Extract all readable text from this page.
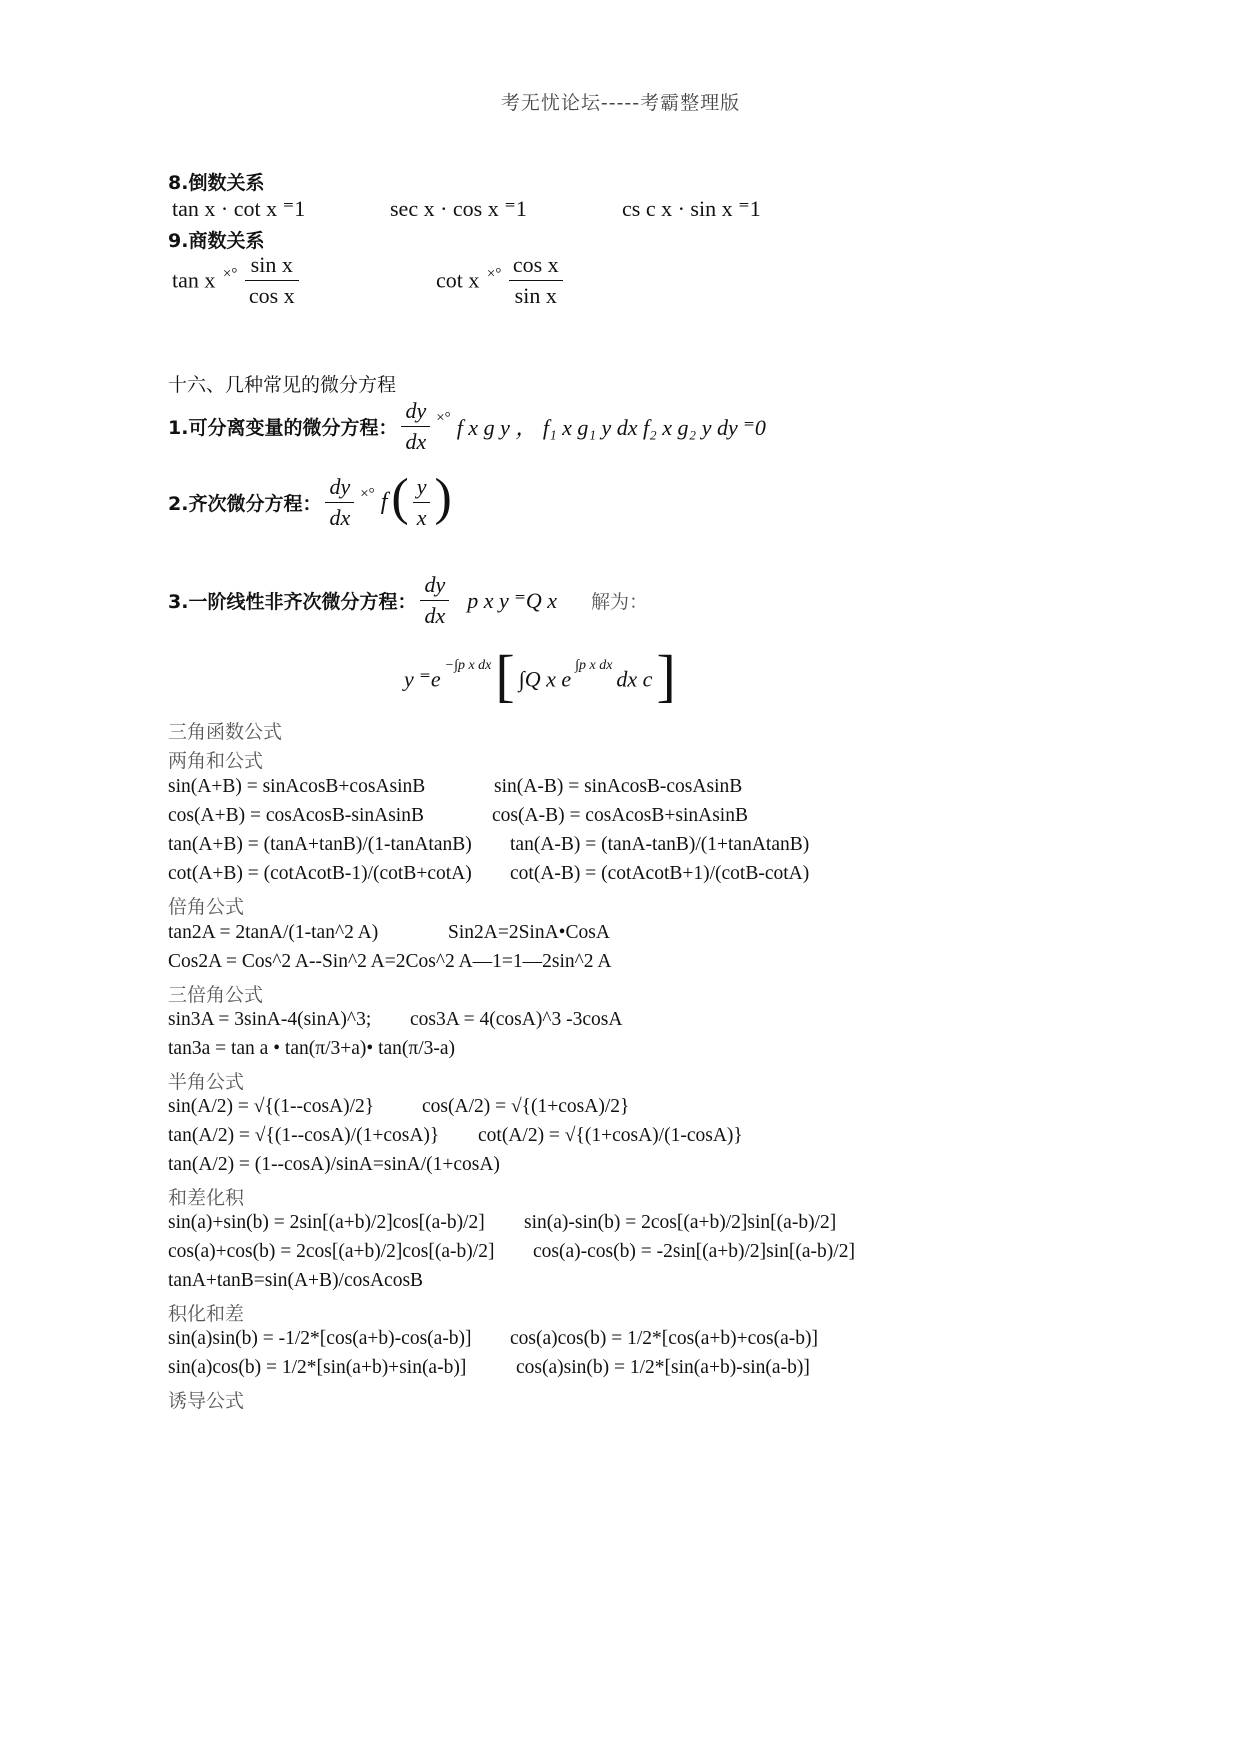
考无忧论坛-----考霸整理版
8.倒数关系
tan x · cot x ⁼1	sec x · cos x ⁼1	cs c x · sin x ⁼1
9.商数关系
tan x $^{\times^\circ} \frac{\text{sin x}}{\text{cos x}}$	cot x $^{\times^\circ} \frac{\text{cos x}}{\text{sin x}}$
十六、几种常见的微分方程
1.可分离变量的微分方程： $\frac{dy}{dx}$ ×° f x g y ， f₁ x g₁ y dx f₂ x g₂ y dy ⁼0
2.齐次微分方程： $\frac{dy}{dx}$ ×° f ( $\frac{y}{x}$ )
3.一阶线性非齐次微分方程： $\frac{dy}{dx}$ p x y ⁼Q x 解为：
y ⁼e −∫p x dx [ ∫Q x e ∫p x dx dx c ]
三角函数公式
两角和公式
sin(A+B) = sinAcosB+cosAsinB	sin(A-B) = sinAcosB-cosAsinB
cos(A+B) = cosAcosB-sinAsinB	cos(A-B) = cosAcosB+sinAsinB
tan(A+B) = (tanA+tanB)/(1-tanAtanB) tan(A-B) = (tanA-tanB)/(1+tanAtanB)
cot(A+B) = (cotAcotB-1)/(cotB+cotA) cot(A-B) = (cotAcotB+1)/(cotB-cotA)
倍角公式
tan2A = 2tanA/(1-tan^2 A)	Sin2A=2SinA•CosA
Cos2A = Cos^2 A--Sin^2 A=2Cos^2 A—1=1—2sin^2 A
三倍角公式
sin3A = 3sinA-4(sinA)^3; cos3A = 4(cosA)^3 -3cosA
tan3a = tan a • tan(π/3+a)• tan(π/3-a)
半角公式
sin(A/2) = √{(1--cosA)/2} cos(A/2) = √{(1+cosA)/2}
tan(A/2) = √{(1--cosA)/(1+cosA)} cot(A/2) = √{(1+cosA)/(1-cosA)}
tan(A/2) = (1--cosA)/sinA=sinA/(1+cosA)
和差化积
sin(a)+sin(b) = 2sin[(a+b)/2]cos[(a-b)/2] sin(a)-sin(b) = 2cos[(a+b)/2]sin[(a-b)/2]
cos(a)+cos(b) = 2cos[(a+b)/2]cos[(a-b)/2] cos(a)-cos(b) = -2sin[(a+b)/2]sin[(a-b)/2]
tanA+tanB=sin(A+B)/cosAcosB
积化和差
sin(a)sin(b) = -1/2*[cos(a+b)-cos(a-b)] cos(a)cos(b) = 1/2*[cos(a+b)+cos(a-b)]
sin(a)cos(b) = 1/2*[sin(a+b)+sin(a-b)]	cos(a)sin(b) = 1/2*[sin(a+b)-sin(a-b)]
诱导公式
